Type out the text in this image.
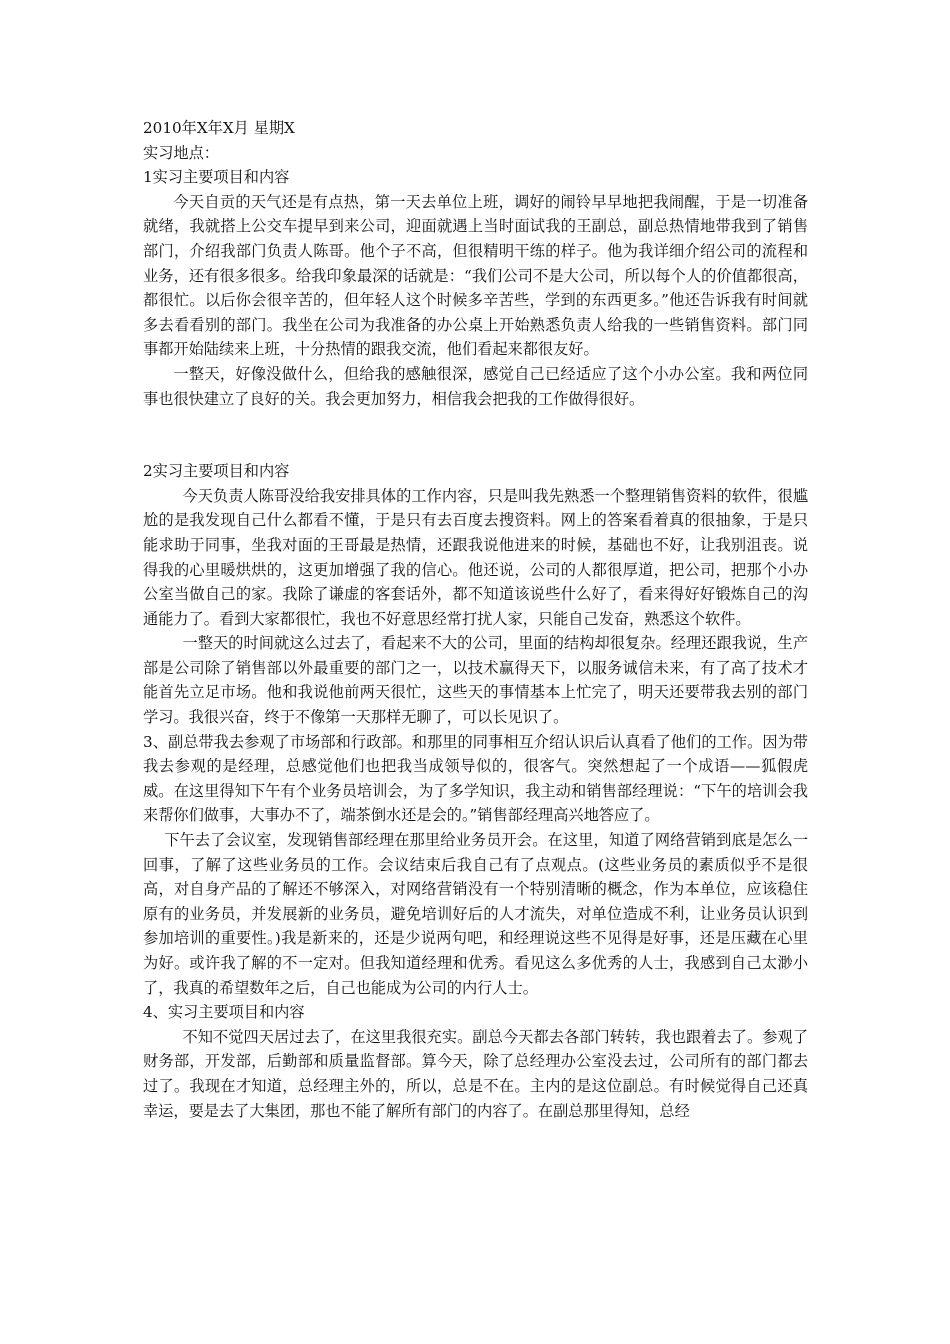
2010年X年X月 星期X

实习地点：

1实习主要项目和内容

今天自贡的天气还是有点热，第一天去单位上班，调好的闹铃早早地把我闹醒，于是一切准备就绪，我就搭上公交车提早到来公司，迎面就遇上当时面试我的王副总，副总热情地带我到了销售部门，介绍我部门负责人陈哥。他个子不高，但很精明干练的样子。他为我详细介绍公司的流程和业务，还有很多很多。给我印象最深的话就是：“我们公司不是大公司，所以每个人的价值都很高，都很忙。以后你会很辛苦的，但年轻人这个时候多辛苦些，学到的东西更多。”他还告诉我有时间就多去看看别的部门。我坐在公司为我准备的办公桌上开始熟悉负责人给我的一些销售资料。部门同事都开始陆续来上班，十分热情的跟我交流，他们看起来都很友好。

一整天，好像没做什么，但给我的感触很深，感觉自己已经适应了这个小办公室。我和两位同事也很快建立了良好的关。我会更加努力，相信我会把我的工作做得很好。

2实习主要项目和内容

今天负责人陈哥没给我安排具体的工作内容，只是叫我先熟悉一个整理销售资料的软件，很尴尬的是我发现自己什么都看不懂，于是只有去百度去搜资料。网上的答案看着真的很抽象，于是只能求助于同事，坐我对面的王哥最是热情，还跟我说他进来的时候，基础也不好，让我别沮丧。说得我的心里暖烘烘的，这更加增强了我的信心。他还说，公司的人都很厚道，把公司，把那个小办公室当做自己的家。我除了谦虚的客套话外，都不知道该说些什么好了，看来得好好锻炼自己的沟通能力了。看到大家都很忙，我也不好意思经常打扰人家，只能自己发奋，熟悉这个软件。

一整天的时间就这么过去了，看起来不大的公司，里面的结构却很复杂。经理还跟我说，生产部是公司除了销售部以外最重要的部门之一，以技术赢得天下，以服务诚信未来，有了高了技术才能首先立足市场。他和我说他前两天很忙，这些天的事情基本上忙完了，明天还要带我去别的部门学习。我很兴奋，终于不像第一天那样无聊了，可以长见识了。

3、副总带我去参观了市场部和行政部。和那里的同事相互介绍认识后认真看了他们的工作。因为带我去参观的是经理，总感觉他们也把我当成领导似的，很客气。突然想起了一个成语——狐假虎威。在这里得知下午有个业务员培训会，为了多学知识，我主动和销售部经理说：“下午的培训会我来帮你们做事，大事办不了，端茶倒水还是会的。”销售部经理高兴地答应了。

下午去了会议室，发现销售部经理在那里给业务员开会。在这里，知道了网络营销到底是怎么一回事，了解了这些业务员的工作。会议结束后我自己有了点观点。(这些业务员的素质似乎不是很高，对自身产品的了解还不够深入，对网络营销没有一个特别清晰的概念，作为本单位，应该稳住原有的业务员，并发展新的业务员，避免培训好后的人才流失，对单位造成不利，让业务员认识到参加培训的重要性。)我是新来的，还是少说两句吧，和经理说这些不见得是好事，还是压藏在心里为好。或许我了解的不一定对。但我知道经理和优秀。看见这么多优秀的人士，我感到自己太渺小了，我真的希望数年之后，自己也能成为公司的内行人士。

4、实习主要项目和内容

不知不觉四天居过去了，在这里我很充实。副总今天都去各部门转转，我也跟着去了。参观了财务部，开发部，后勤部和质量监督部。算今天，除了总经理办公室没去过，公司所有的部门都去过了。我现在才知道，总经理主外的，所以，总是不在。主内的是这位副总。有时候觉得自己还真幸运，要是去了大集团，那也不能了解所有部门的内容了。在副总那里得知，总经
